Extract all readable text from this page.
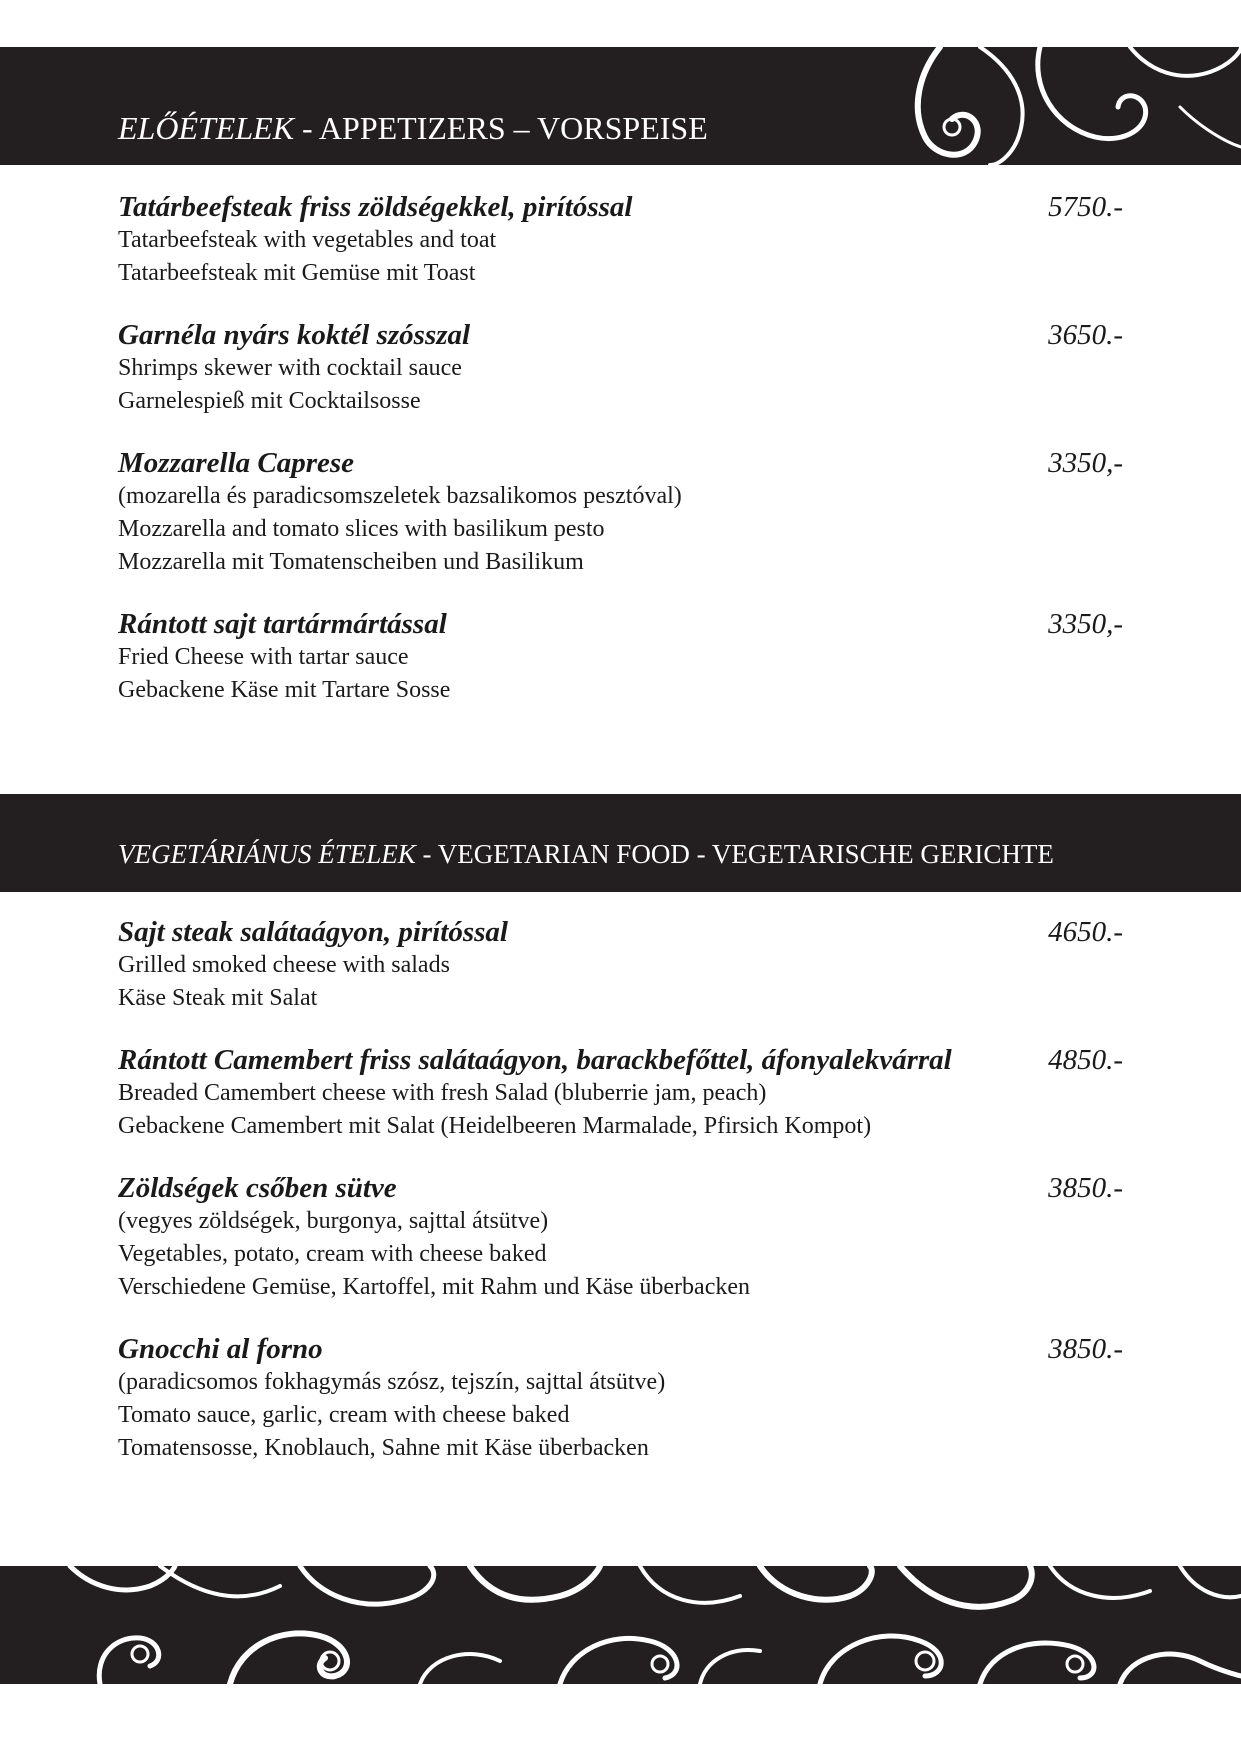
ELŐÉTELEK - APPETIZERS – VORSPEISE

Tatárbeefsteak friss zöldségekkel, pirítóssal	5750.-

Tatarbeefsteak with vegetables and toat

Tatarbeefsteak mit Gemüse mit Toast

Garnéla nyárs koktél szósszal	3650.-

Shrimps skewer with cocktail sauce

Garnelespieß mit Cocktailsosse

Mozzarella Caprese	3350,-

(mozarella és paradicsomszeletek bazsalikomos pesztóval)

Mozzarella and tomato slices with basilikum pesto

Mozzarella mit Tomatenscheiben und Basilikum

Rántott sajt tartármártással	3350,-

Fried Cheese with tartar sauce

Gebackene Käse mit Tartare Sosse

VEGETÁRIÁNUS ÉTELEK - VEGETARIAN FOOD - VEGETARISCHE GERICHTE

Sajt steak salátaágyon, pirítóssal	4650.-

Grilled smoked cheese with salads

Käse Steak mit Salat

Rántott Camembert friss salátaágyon, barackbefőttel, áfonyalekvárral	4850.-

Breaded Camembert cheese with fresh Salad (bluberrie jam, peach)

Gebackene Camembert mit Salat (Heidelbeeren Marmalade, Pfirsich Kompot)

Zöldségek csőben sütve	3850.-

(vegyes zöldségek, burgonya, sajttal átsütve)

Vegetables, potato, cream with cheese baked

Verschiedene Gemüse, Kartoffel, mit Rahm und Käse überbacken

Gnocchi al forno	3850.-

(paradicsomos fokhagymás szósz, tejszín, sajttal átsütve)

Tomato sauce, garlic, cream with cheese baked

Tomatensosse, Knoblauch, Sahne mit Käse überbacken
